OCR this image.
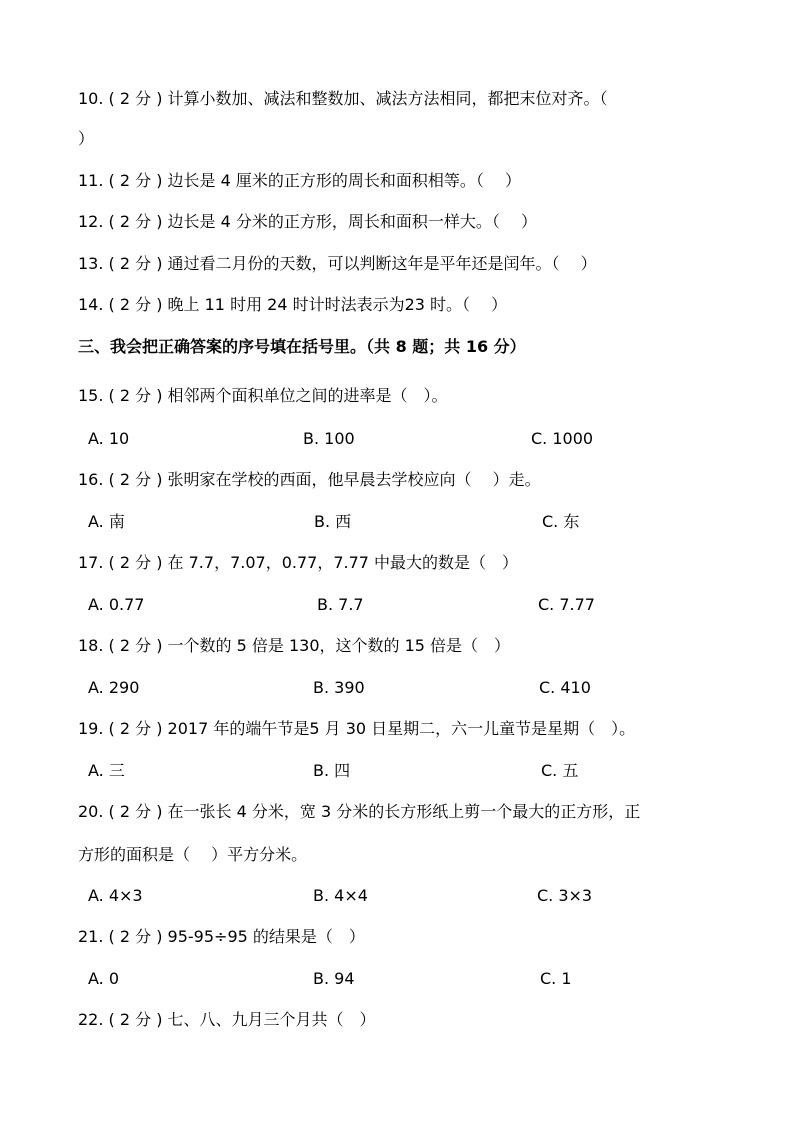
10. ( 2 分 ) 计算小数加、减法和整数加、减法方法相同，都把末位对齐。（
）
11. ( 2 分 ) 边长是 4 厘米的正方形的周长和面积相等。（　 ）
12. ( 2 分 ) 边长是 4 分米的正方形，周长和面积一样大。（　 ）
13. ( 2 分 ) 通过看二月份的天数，可以判断这年是平年还是闰年。（　 ）
14. ( 2 分 ) 晚上 11 时用 24 时计时法表示为23 时。（　 ）
三、我会把正确答案的序号填在括号里。（共 8 题；共 16 分）
15. ( 2 分 ) 相邻两个面积单位之间的进率是（　）。
A. 10	B. 100	C. 1000
16. ( 2 分 ) 张明家在学校的西面，他早晨去学校应向（　 ）走。
A. 南	B. 西	C. 东
17. ( 2 分 ) 在 7.7，7.07，0.77，7.77 中最大的数是（　）
A. 0.77	B. 7.7	C. 7.77
18. ( 2 分 ) 一个数的 5 倍是 130，这个数的 15 倍是（　）
A. 290	B. 390	C. 410
19. ( 2 分 ) 2017 年的端午节是5 月 30 日星期二，六一儿童节是星期（　）。
A. 三	B. 四	C. 五
20. ( 2 分 ) 在一张长 4 分米，宽 3 分米的长方形纸上剪一个最大的正方形，正
方形的面积是（　 ）平方分米。
A. 4×3	B. 4×4	C. 3×3
21. ( 2 分 ) 95-95÷95 的结果是（　）
A. 0	B. 94	C. 1
22. ( 2 分 ) 七、八、九月三个月共（　）
